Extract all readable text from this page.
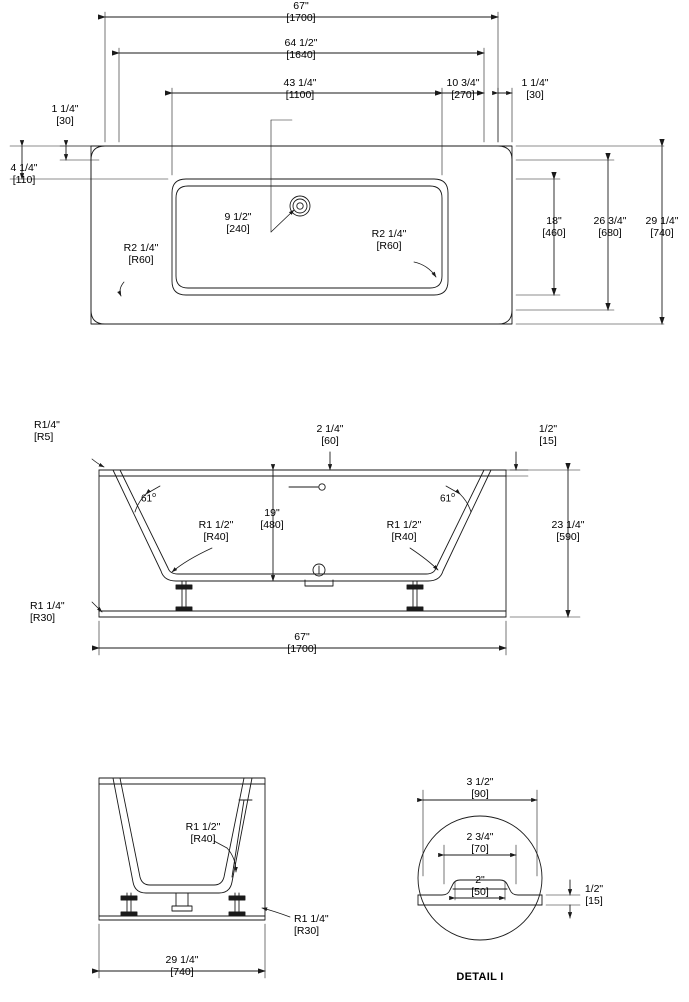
67"
[1700]
64 1/2"
[1640]
43 1/4"
[1100]
10 3/4"
[270]
1 1/4"
[30]
1 1/4"
[30]
4 1/4"
[110]
9 1/2"
[240]
R2 1/4"
[R60]
R2 1/4"
[R60]
18"
[460]
26 3/4"
[680]
29 1/4"
[740]
R1/4"
[R5]
2 1/4"
[60]
1/2"
[15]
61$^o$	61$^o$
R1 1/2"
[R40]
R1 1/2"
[R40]
19"
[480]	23 1/4"
[590]
R1 1/4"
[R30]
67"
[1700]
R1 1/2"
[R40]
R1 1/4"
[R30]
29 1/4"
[740]
3 1/2"
[90]
2 3/4"
[70]
2"
[50]	1/2"
[15]
DETAIL I
